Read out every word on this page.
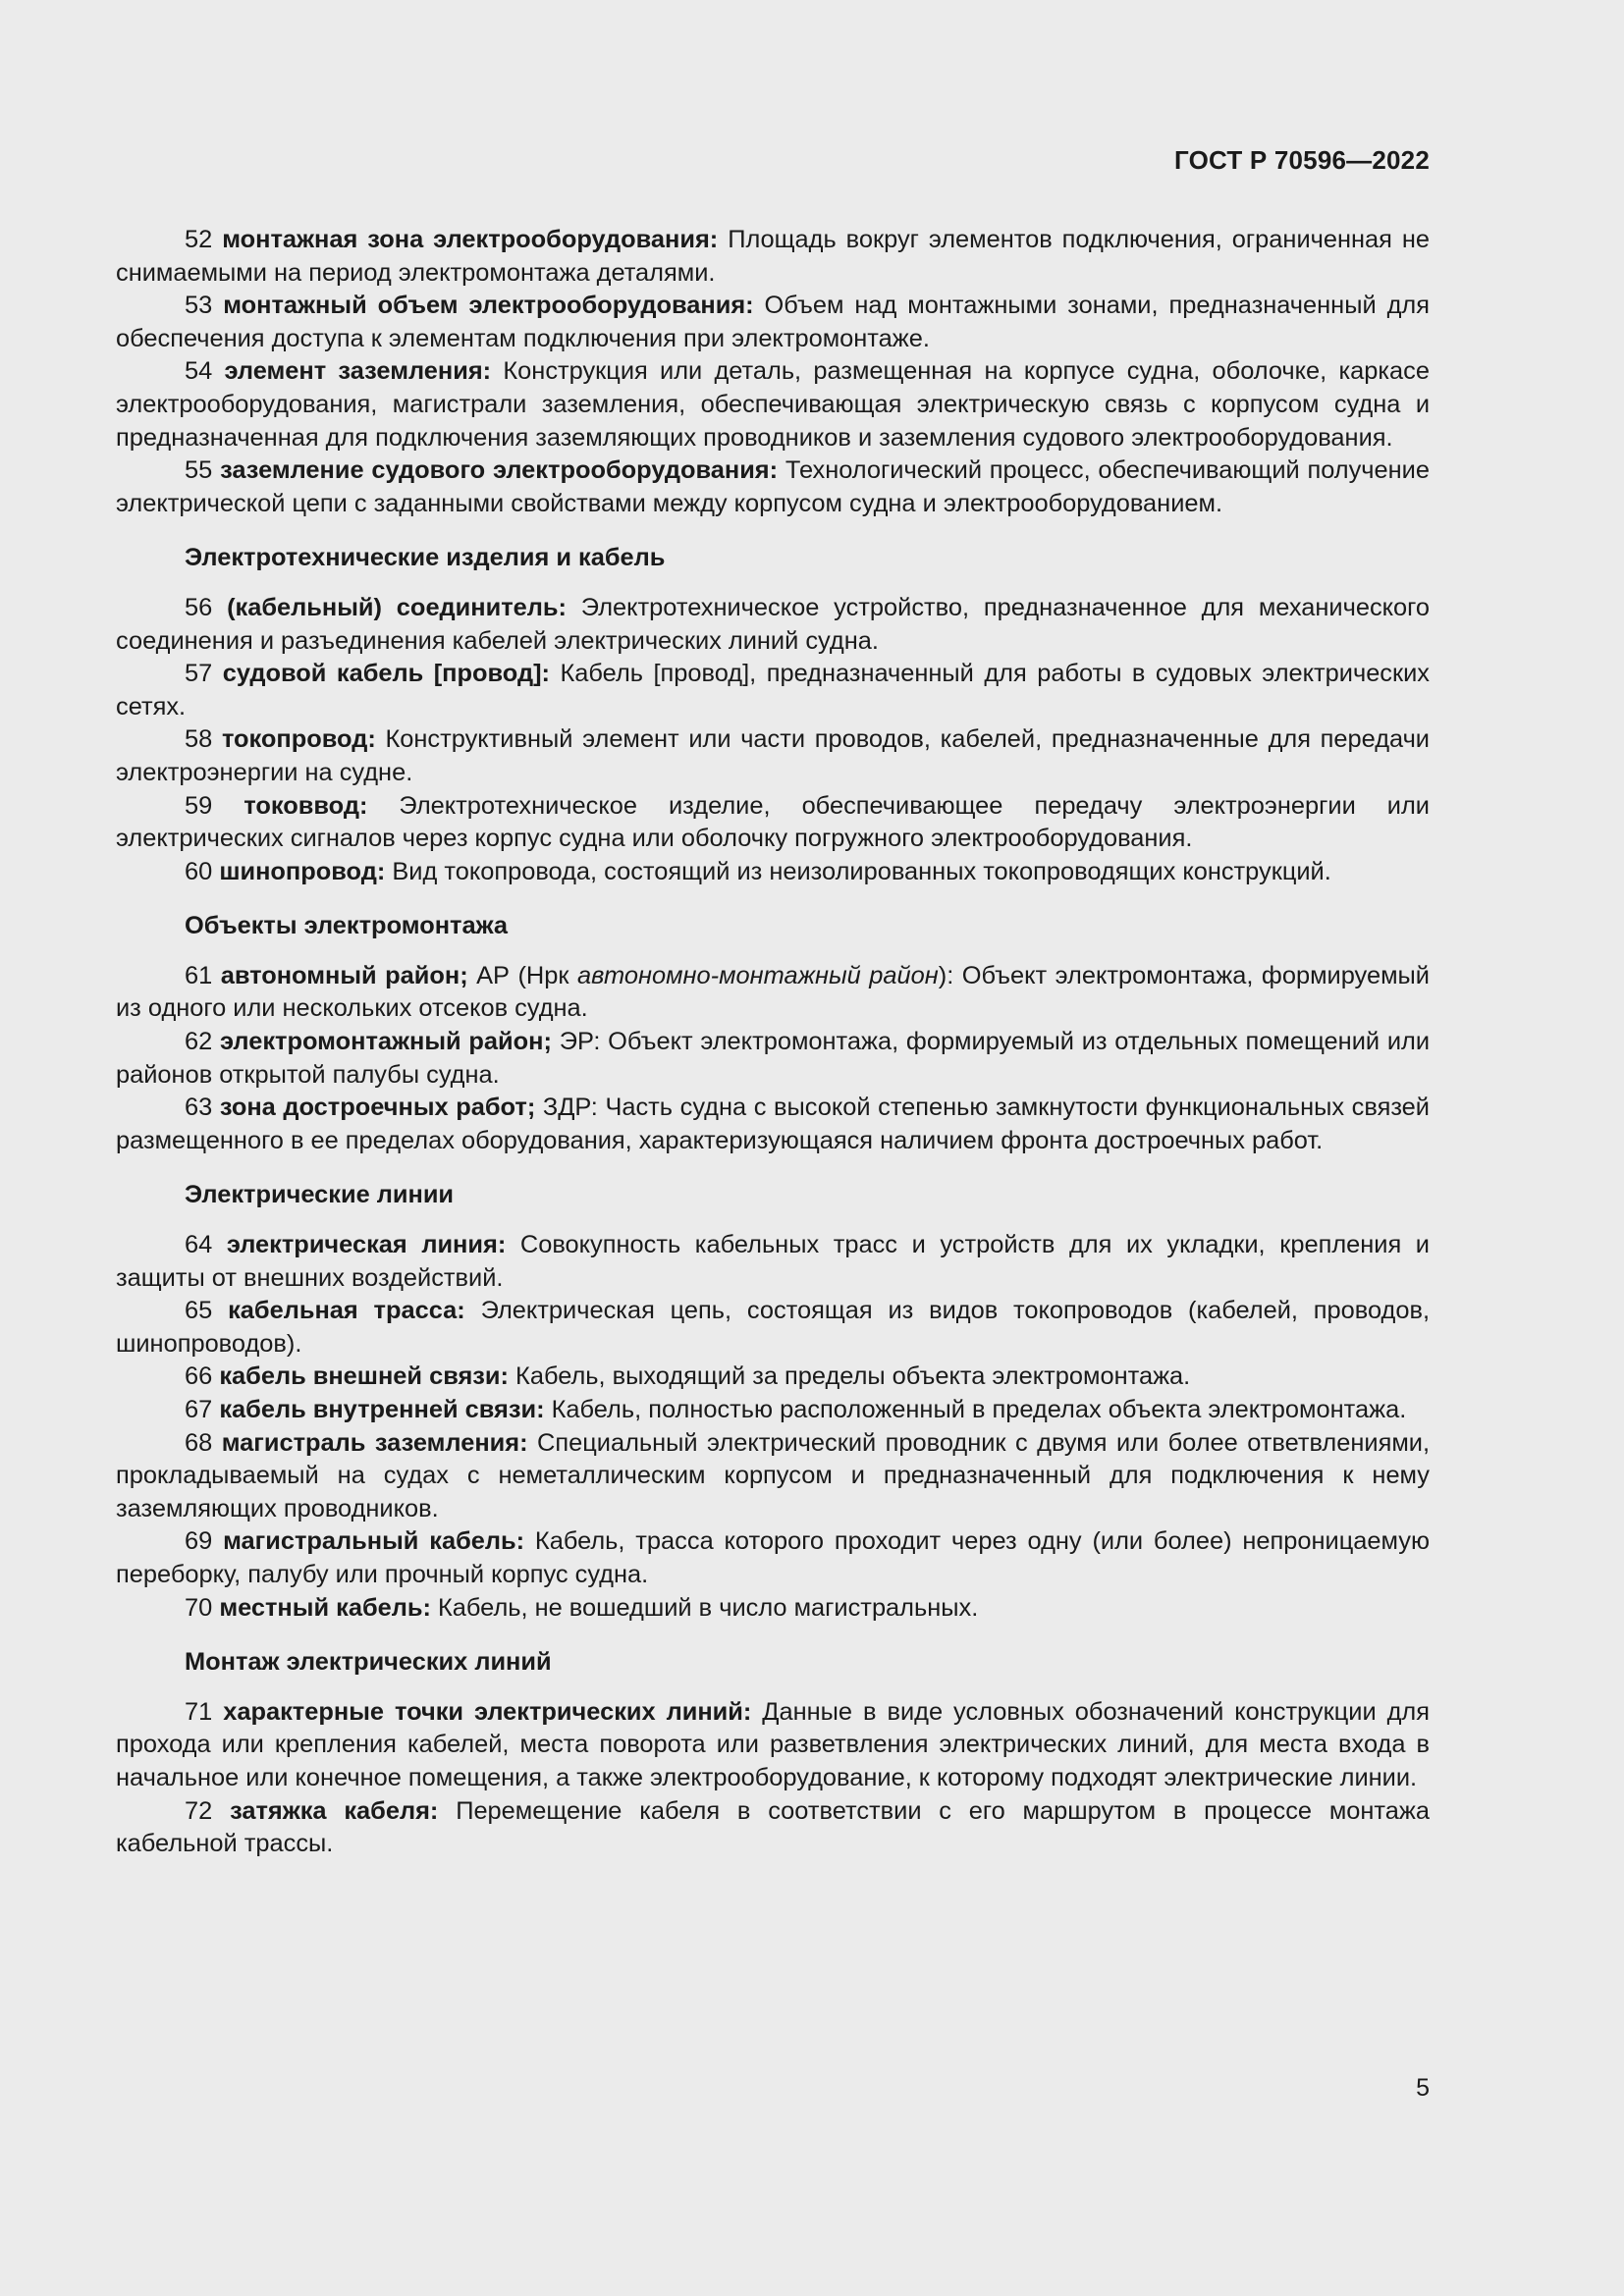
ГОСТ Р 70596—2022

52 монтажная зона электрооборудования: Площадь вокруг элементов подключения, ограниченная не снимаемыми на период электромонтажа деталями.

53 монтажный объем электрооборудования: Объем над монтажными зонами, предназначенный для обеспечения доступа к элементам подключения при электромонтаже.

54 элемент заземления: Конструкция или деталь, размещенная на корпусе судна, оболочке, каркасе электрооборудования, магистрали заземления, обеспечивающая электрическую связь с корпусом судна и предназначенная для подключения заземляющих проводников и заземления судового электрооборудования.

55 заземление судового электрооборудования: Технологический процесс, обеспечивающий получение электрической цепи с заданными свойствами между корпусом судна и электрооборудованием.

Электротехнические изделия и кабель

56 (кабельный) соединитель: Электротехническое устройство, предназначенное для механического соединения и разъединения кабелей электрических линий судна.

57 судовой кабель [провод]: Кабель [провод], предназначенный для работы в судовых электрических сетях.

58 токопровод: Конструктивный элемент или части проводов, кабелей, предназначенные для передачи электроэнергии на судне.

59 токоввод: Электротехническое изделие, обеспечивающее передачу электроэнергии или электрических сигналов через корпус судна или оболочку погружного электрооборудования.

60 шинопровод: Вид токопровода, состоящий из неизолированных токопроводящих конструкций.

Объекты электромонтажа

61 автономный район; АР (Нрк автономно-монтажный район): Объект электромонтажа, формируемый из одного или нескольких отсеков судна.

62 электромонтажный район; ЭР: Объект электромонтажа, формируемый из отдельных помещений или районов открытой палубы судна.

63 зона достроечных работ; ЗДР: Часть судна с высокой степенью замкнутости функциональных связей размещенного в ее пределах оборудования, характеризующаяся наличием фронта достроечных работ.

Электрические линии

64 электрическая линия: Совокупность кабельных трасс и устройств для их укладки, крепления и защиты от внешних воздействий.

65 кабельная трасса: Электрическая цепь, состоящая из видов токопроводов (кабелей, проводов, шинопроводов).

66 кабель внешней связи: Кабель, выходящий за пределы объекта электромонтажа.

67 кабель внутренней связи: Кабель, полностью расположенный в пределах объекта электромонтажа.

68 магистраль заземления: Специальный электрический проводник с двумя или более ответвлениями, прокладываемый на судах с неметаллическим корпусом и предназначенный для подключения к нему заземляющих проводников.

69 магистральный кабель: Кабель, трасса которого проходит через одну (или более) непроницаемую переборку, палубу или прочный корпус судна.

70 местный кабель: Кабель, не вошедший в число магистральных.

Монтаж электрических линий

71 характерные точки электрических линий: Данные в виде условных обозначений конструкции для прохода или крепления кабелей, места поворота или разветвления электрических линий, для места входа в начальное или конечное помещения, а также электрооборудование, к которому подходят электрические линии.

72 затяжка кабеля: Перемещение кабеля в соответствии с его маршрутом в процессе монтажа кабельной трассы.

5
